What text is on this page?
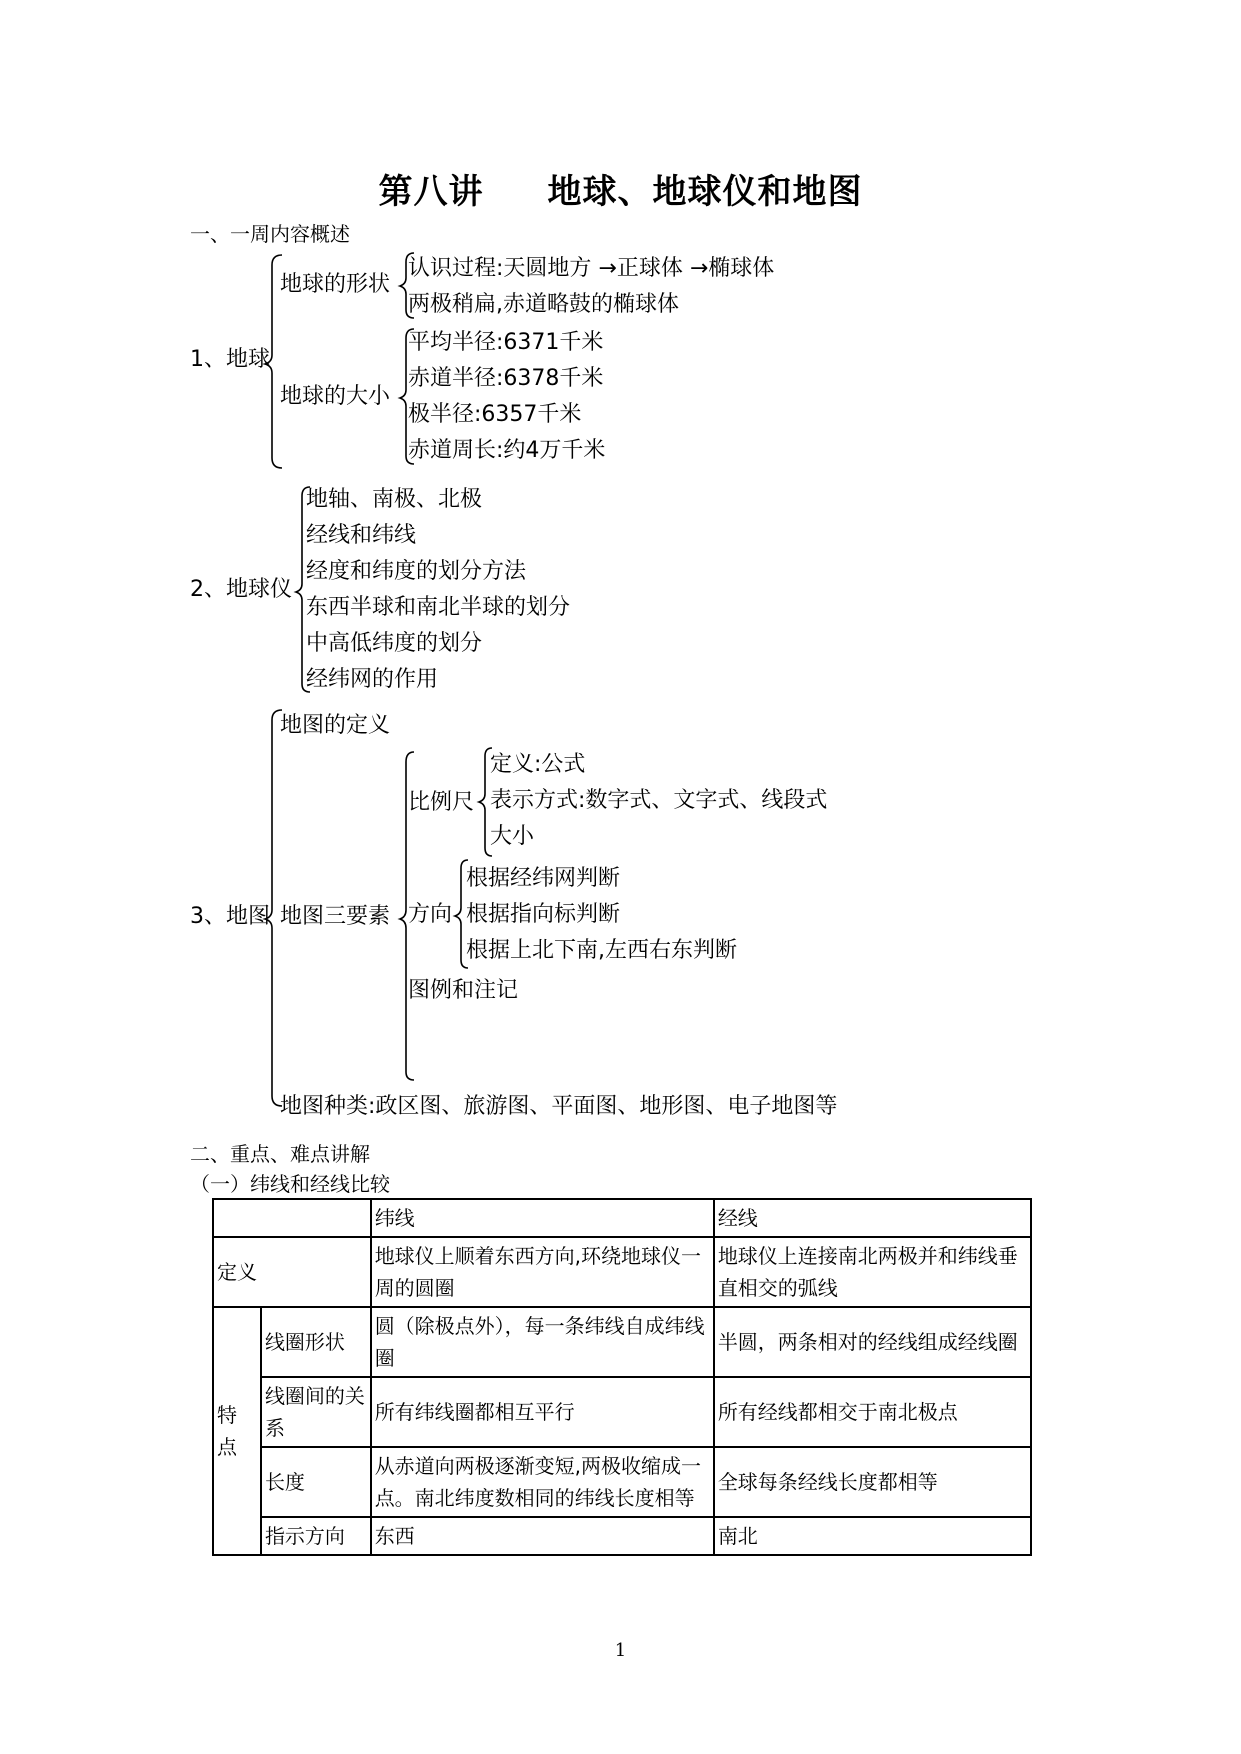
第八讲 地球、地球仪和地图
一、一周内容概述
1、地球
地球的形状
认识过程:天圆地方 →正球体 →椭球体
两极稍扁,赤道略鼓的椭球体
地球的大小
平均半径:6371千米
赤道半径:6378千米
极半径:6357千米
赤道周长:约4万千米
2、地球仪
地轴、南极、北极
经线和纬线
经度和纬度的划分方法
东西半球和南北半球的划分
中高低纬度的划分
经纬网的作用
3、地图
地图的定义
地图三要素
比例尺
定义:公式
表示方式:数字式、文字式、线段式
大小
方向
根据经纬网判断
根据指向标判断
根据上北下南,左西右东判断
图例和注记
地图种类:政区图、旅游图、平面图、地形图、电子地图等
二、重点、难点讲解
（一）纬线和经线比较
		纬线	经线
定义		地球仪上顺着东西方向,环绕地球仪一周的圆圈	地球仪上连接南北两极并和纬线垂直相交的弧线
特点	线圈形状	圆（除极点外），每一条纬线自成纬线圈	半圆，两条相对的经线组成经线圈
	线圈间的关系	所有纬线圈都相互平行	所有经线都相交于南北极点
	长度	从赤道向两极逐渐变短,两极收缩成一点。南北纬度数相同的纬线长度相等	全球每条经线长度都相等
	指示方向	东西	南北
1
